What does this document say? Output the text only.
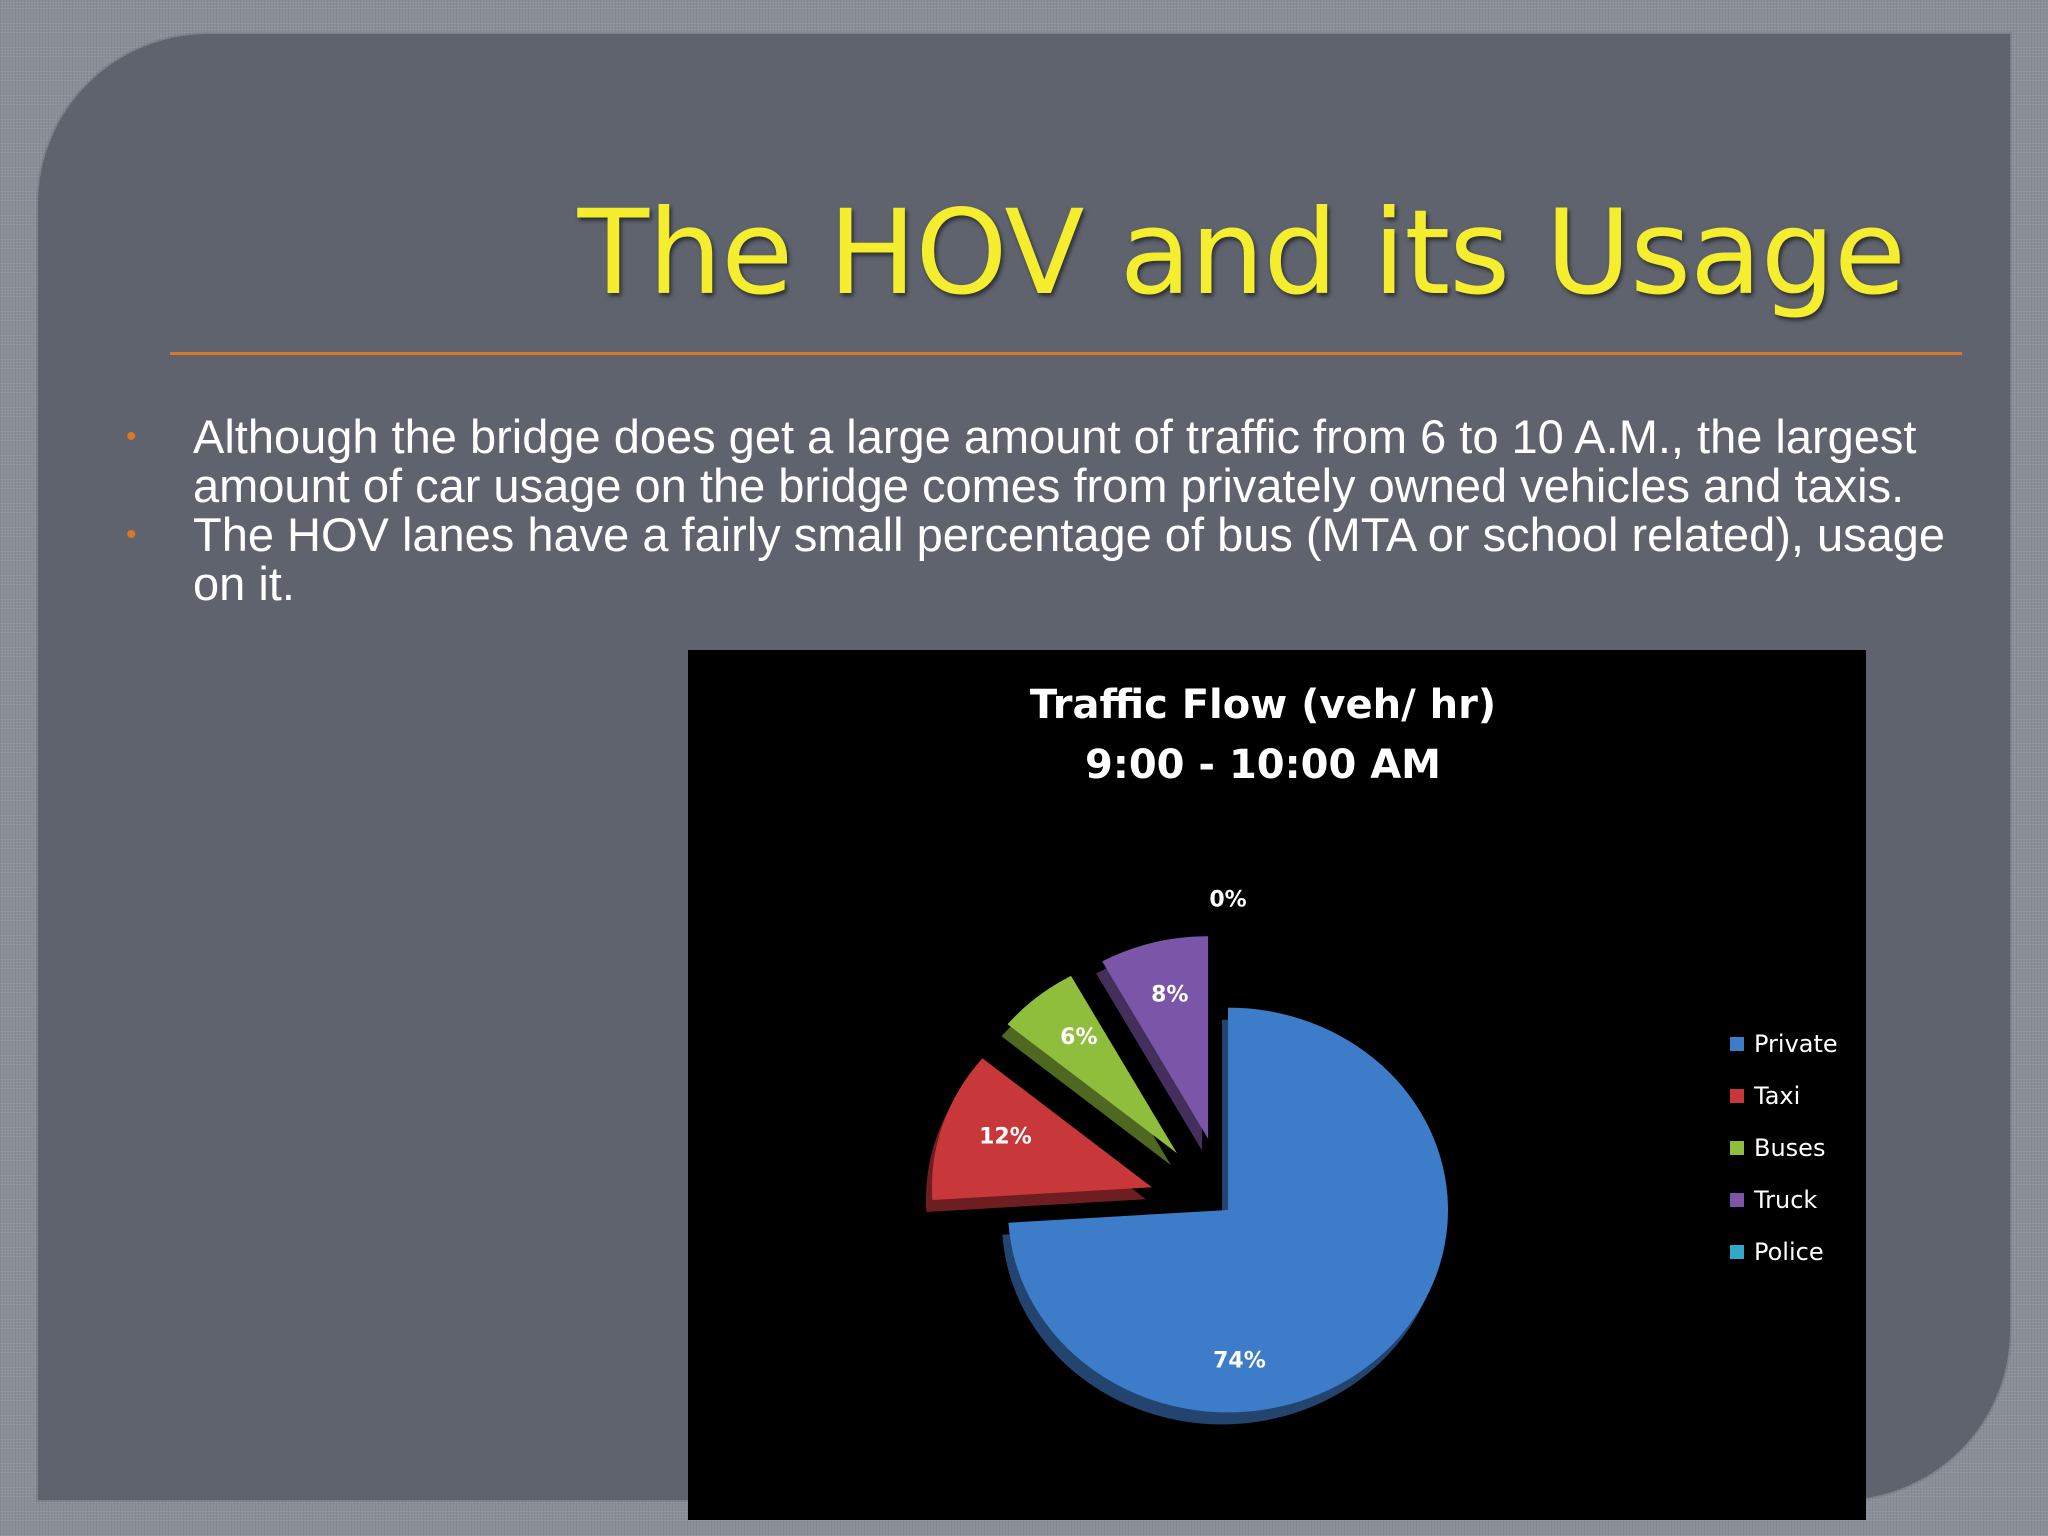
The HOV and its Usage
• Although the bridge does get a large amount of traffic from 6 to 10 A.M., the largest amount of car usage on the bridge comes from privately owned vehicles and taxis.
• The HOV lanes have a fairly small percentage of bus (MTA or school related), usage on it.
Traffic Flow (veh/ hr)
9:00 - 10:00 AM
74%
12%
6%
8%
0%
Private
Taxi
Buses
Truck
Police
